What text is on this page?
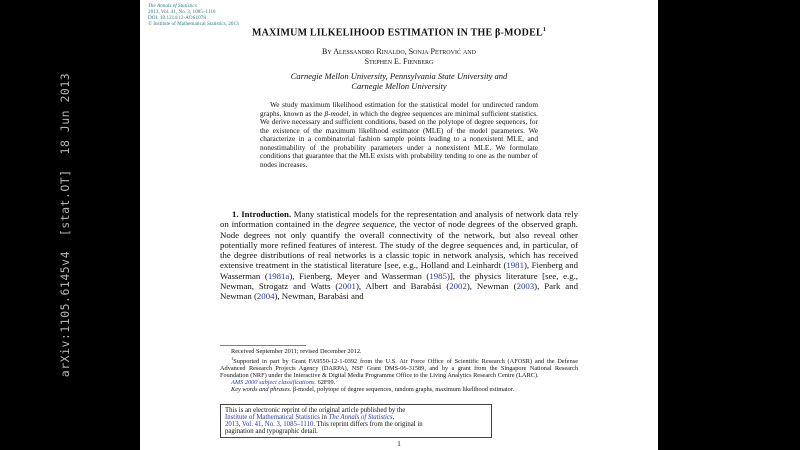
arXiv:1105.6145v4  [stat.OT]  18 Jun 2013
The Annals of Statistics
2013, Vol. 41, No. 3, 1085–1110
DOI: 10.1214/12-AOS1078
© Institute of Mathematical Statistics, 2013
MAXIMUM LILKELIHOOD ESTIMATION IN THE β-MODEL$^1$
By Alessandro Rinaldo, Sonja Petrović and
Stephen E. Fienberg
Carnegie Mellon University, Pennsylvania State University and
Carnegie Mellon University
We study maximum likelihood estimation for the statistical model for undirected random graphs, known as the β-model, in which the degree sequences are minimal sufficient statistics. We derive necessary and sufficient conditions, based on the polytope of degree sequences, for the existence of the maximum likelihood estimator (MLE) of the model parameters. We characterize in a combinatorial fashion sample points leading to a nonexistent MLE, and nonestimability of the probability parameters under a nonexistent MLE. We formulate conditions that guarantee that the MLE exists with probability tending to one as the number of nodes increases.
1. Introduction. Many statistical models for the representation and analysis of network data rely on information contained in the degree sequence, the vector of node degrees of the observed graph. Node degrees not only quantify the overall connectivity of the network, but also reveal other potentially more refined features of interest. The study of the degree sequences and, in particular, of the degree distributions of real networks is a classic topic in network analysis, which has received extensive treatment in the statistical literature [see, e.g., Holland and Leinhardt (1981), Fienberg and Wasserman (1981a), Fienberg, Meyer and Wasserman (1985)], the physics literature [see, e.g., Newman, Strogatz and Watts (2001), Albert and Barabási (2002), Newman (2003), Park and Newman (2004), Newman, Barabási and

Received September 2011; revised December 2012.

$^1$Supported in part by Grant FA9550-12-1-0392 from the U.S. Air Force Office of Scientific Research (AFOSR) and the Defense Advanced Research Projects Agency (DARPA), NSF Grant DMS-06-31589, and by a grant from the Singapore National Research Foundation (NRF) under the Interactive & Digital Media Programme Office to the Living Analytics Research Centre (LARC).

AMS 2000 subject classifications. 62F99.

Key words and phrases. β-model, polytope of degree sequences, random graphs, maximum likelihood estimator.

This is an electronic reprint of the original article published by the
Institute of Mathematical Statistics in The Annals of Statistics,
2013, Vol. 41, No. 3, 1085–1110. This reprint differs from the original in
pagination and typographic detail.
1
